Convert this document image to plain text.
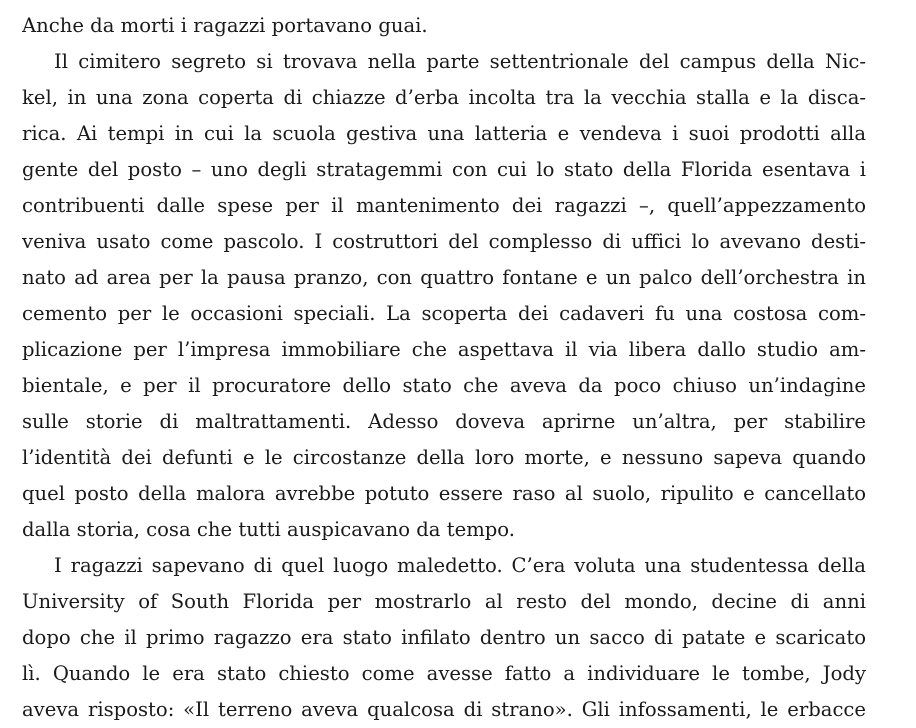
Anche da morti i ragazzi portavano guai.
Il cimitero segreto si trovava nella parte settentrionale del campus della Nic-
kel, in una zona coperta di chiazze d’erba incolta tra la vecchia stalla e la disca-
rica. Ai tempi in cui la scuola gestiva una latteria e vendeva i suoi prodotti alla
gente del posto – uno degli stratagemmi con cui lo stato della Florida esentava i
contribuenti dalle spese per il mantenimento dei ragazzi –, quell’appezzamento
veniva usato come pascolo. I costruttori del complesso di uffici lo avevano desti-
nato ad area per la pausa pranzo, con quattro fontane e un palco dell’orchestra in
cemento per le occasioni speciali. La scoperta dei cadaveri fu una costosa com-
plicazione per l’impresa immobiliare che aspettava il via libera dallo studio am-
bientale, e per il procuratore dello stato che aveva da poco chiuso un’indagine
sulle storie di maltrattamenti. Adesso doveva aprirne un’altra, per stabilire
l’identità dei defunti e le circostanze della loro morte, e nessuno sapeva quando
quel posto della malora avrebbe potuto essere raso al suolo, ripulito e cancellato
dalla storia, cosa che tutti auspicavano da tempo.
I ragazzi sapevano di quel luogo maledetto. C’era voluta una studentessa della
University of South Florida per mostrarlo al resto del mondo, decine di anni
dopo che il primo ragazzo era stato infilato dentro un sacco di patate e scaricato
lì. Quando le era stato chiesto come avesse fatto a individuare le tombe, Jody
aveva risposto: «Il terreno aveva qualcosa di strano». Gli infossamenti, le erbacce
